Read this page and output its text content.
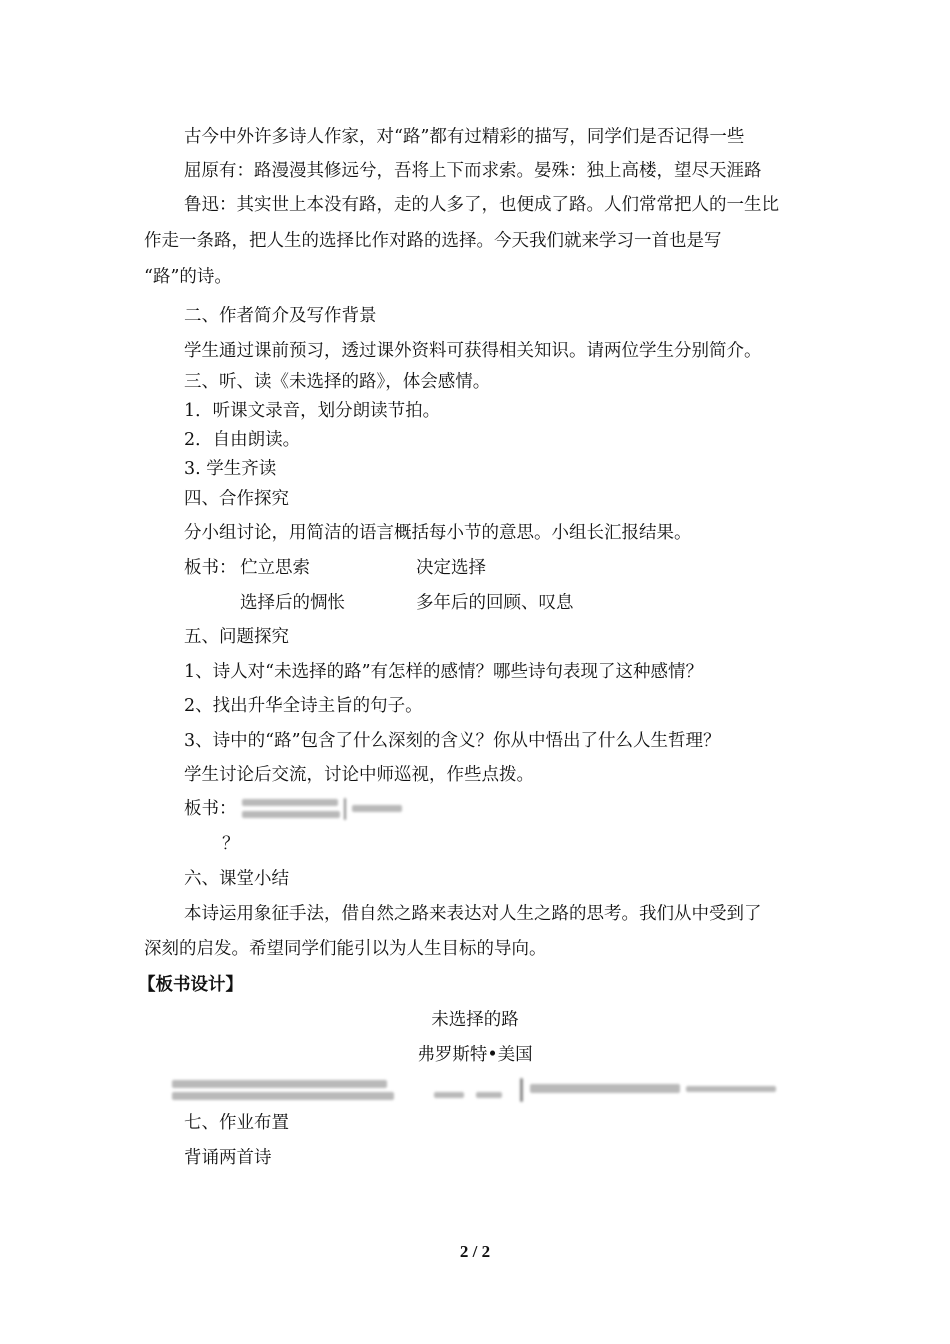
古今中外许多诗人作家，对“路”都有过精彩的描写，同学们是否记得一些
屈原有：路漫漫其修远兮，吾将上下而求索。晏殊：独上高楼，望尽天涯路
鲁迅：其实世上本没有路，走的人多了，也便成了路。人们常常把人的一生比
作走一条路，把人生的选择比作对路的选择。今天我们就来学习一首也是写
“路”的诗。
二、作者简介及写作背景
学生通过课前预习，透过课外资料可获得相关知识。请两位学生分别简介。
三、听、读《未选择的路》，体会感情。
1．听课文录音，划分朗读节拍。
2．自由朗读。
3. 学生齐读
四、合作探究
分小组讨论，用简洁的语言概括每小节的意思。小组长汇报结果。
板书： 伫立思索	决定选择
选择后的惆怅	多年后的回顾、叹息
五、问题探究
1、诗人对“未选择的路”有怎样的感情？哪些诗句表现了这种感情？
2、找出升华全诗主旨的句子。
3、诗中的“路”包含了什么深刻的含义？你从中悟出了什么人生哲理？
学生讨论后交流，讨论中师巡视，作些点拨。
板书：
？
六、课堂小结
本诗运用象征手法，借自然之路来表达对人生之路的思考。我们从中受到了
深刻的启发。希望同学们能引以为人生目标的导向。
【板书设计】
未选择的路
弗罗斯特•美国
七、作业布置
背诵两首诗
2 / 2
